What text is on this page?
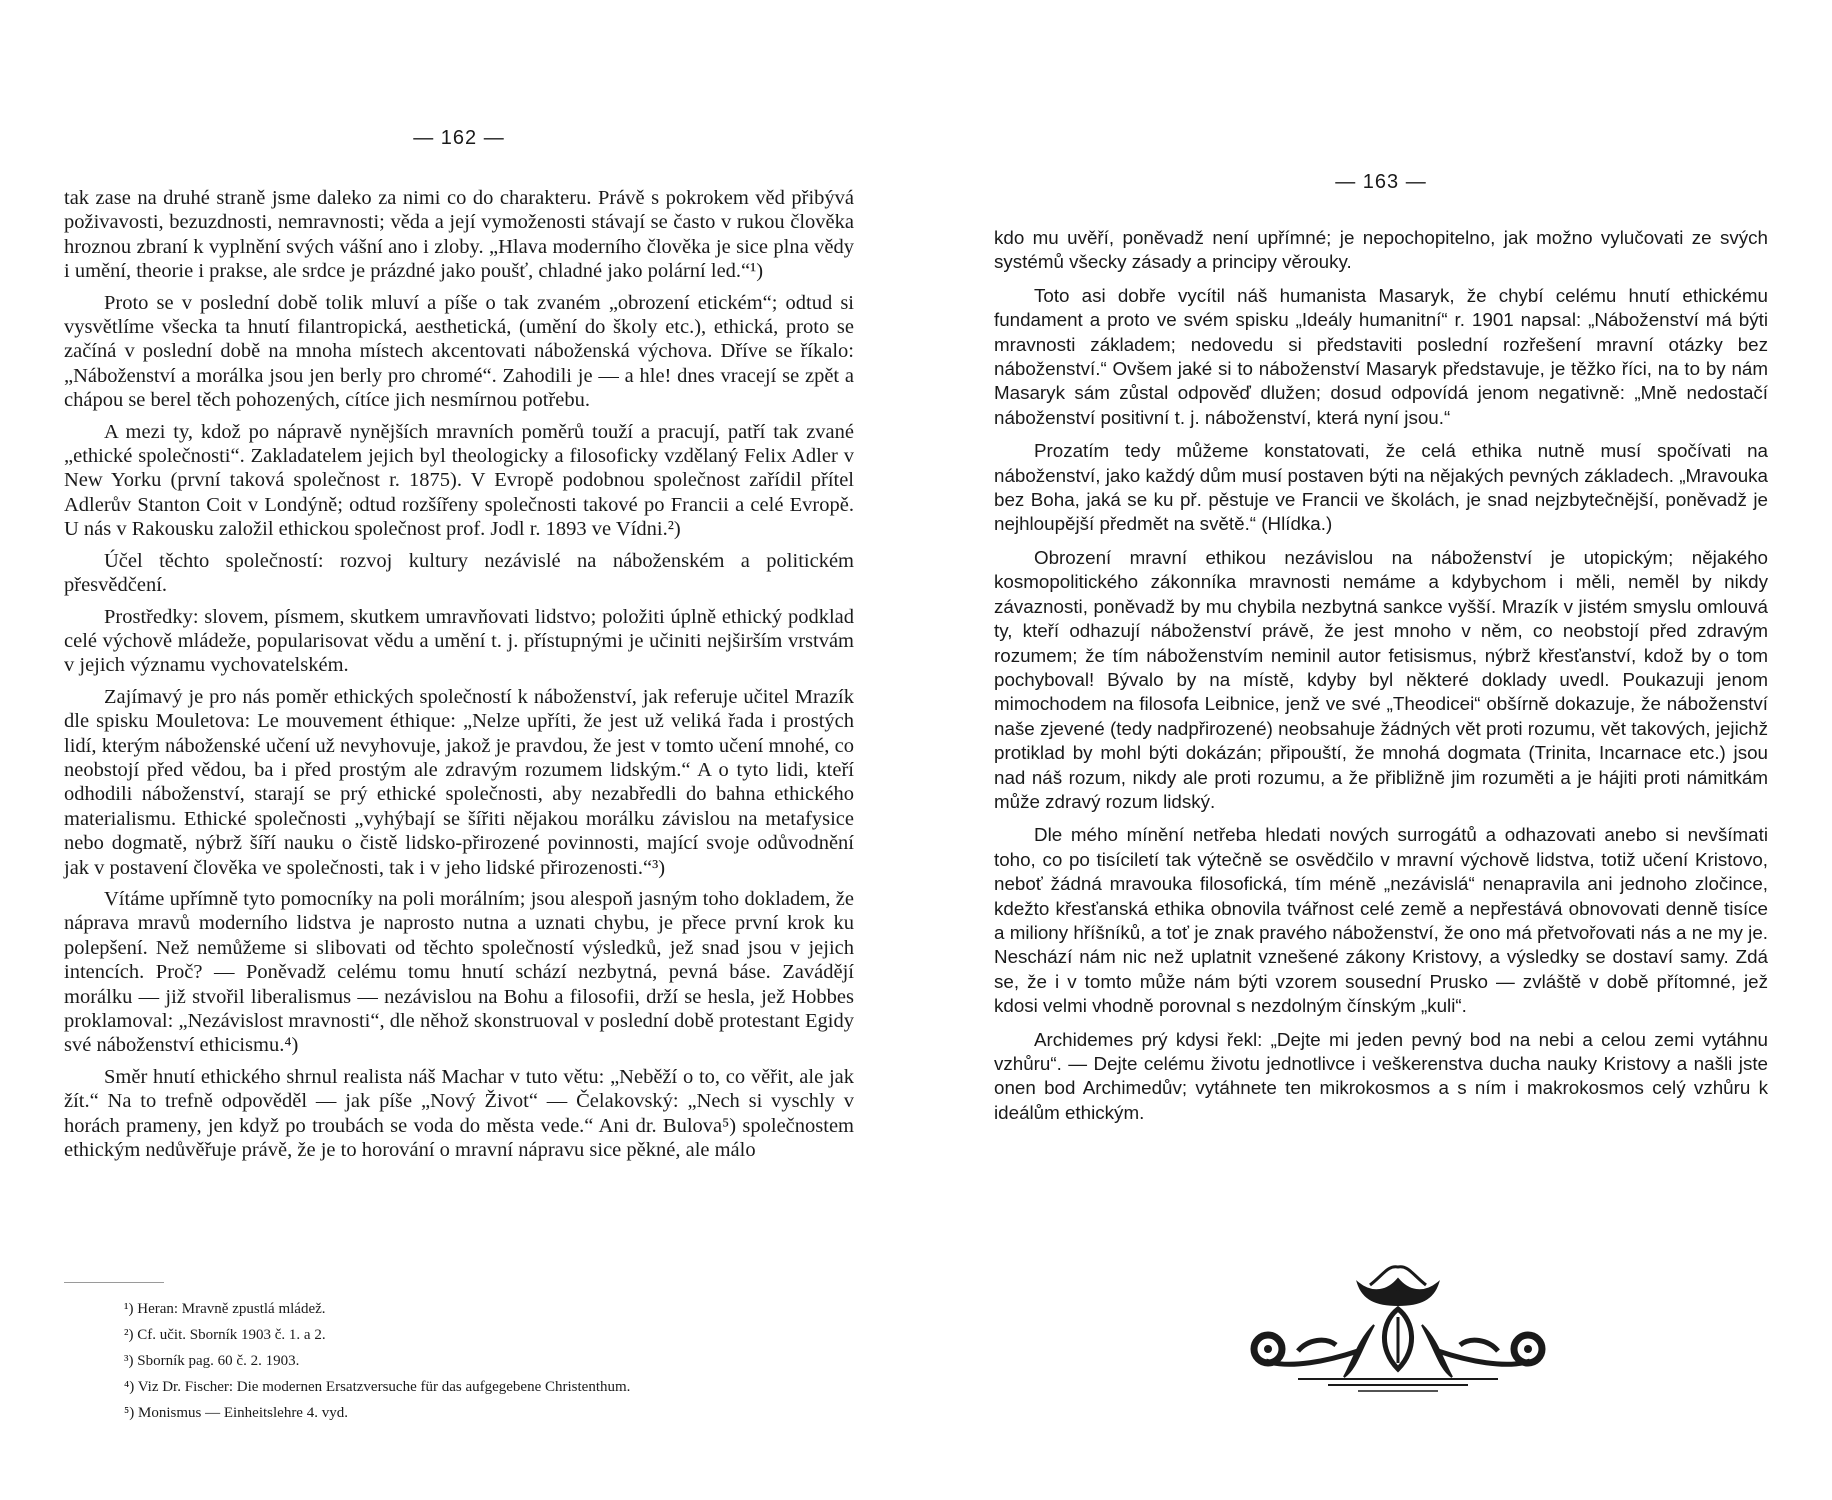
— 162 —

tak zase na druhé straně jsme daleko za nimi co do charakteru. Právě s pokrokem věd přibývá poživavosti, bezuzdnosti, nemravnosti; věda a její vymoženosti stávají se často v rukou člověka hroznou zbraní k vyplnění svých vášní ano i zloby. „Hlava moderního člověka je sice plna vědy i umění, theorie i prakse, ale srdce je prázdné jako poušť, chladné jako polární led.“¹)

Proto se v poslední době tolik mluví a píše o tak zvaném „obrození etickém“; odtud si vysvětlíme všecka ta hnutí filantropická, aesthetická, (umění do školy etc.), ethická, proto se začíná v poslední době na mnoha místech akcentovati náboženská výchova. Dříve se říkalo: „Náboženství a morálka jsou jen berly pro chromé“. Zahodili je — a hle! dnes vracejí se zpět a chápou se berel těch pohozených, cítíce jich nesmírnou potřebu.

A mezi ty, kdož po nápravě nynějších mravních poměrů touží a pracují, patří tak zvané „ethické společnosti“. Zakladatelem jejich byl theologicky a filosoficky vzdělaný Felix Adler v New Yorku (první taková společnost r. 1875). V Evropě podobnou společnost zařídil přítel Adlerův Stanton Coit v Londýně; odtud rozšířeny společnosti takové po Francii a celé Evropě. U nás v Rakousku založil ethickou společnost prof. Jodl r. 1893 ve Vídni.²)

Účel těchto společností: rozvoj kultury nezávislé na náboženském a politickém přesvědčení.

Prostředky: slovem, písmem, skutkem umravňovati lidstvo; položiti úplně ethický podklad celé výchově mládeže, popularisovat vědu a umění t. j. přístupnými je učiniti nejširším vrstvám v jejich významu vychovatelském.

Zajímavý je pro nás poměr ethických společností k náboženství, jak referuje učitel Mrazík dle spisku Mouletova: Le mouvement éthique: „Nelze upříti, že jest už veliká řada i prostých lidí, kterým náboženské učení už nevyhovuje, jakož je pravdou, že jest v tomto učení mnohé, co neobstojí před vědou, ba i před prostým ale zdravým rozumem lidským.“ A o tyto lidi, kteří odhodili náboženství, starají se prý ethické společnosti, aby nezabředli do bahna ethického materialismu. Ethické společnosti „vyhýbají se šířiti nějakou morálku závislou na metafysice nebo dogmatě, nýbrž šíří nauku o čistě lidsko-přirozené povinnosti, mající svoje odůvodnění jak v postavení člověka ve společnosti, tak i v jeho lidské přirozenosti.“³)

Vítáme upřímně tyto pomocníky na poli morálním; jsou alespoň jasným toho dokladem, že náprava mravů moderního lidstva je naprosto nutna a uznati chybu, je přece první krok ku polepšení. Než nemůžeme si slibovati od těchto společností výsledků, jež snad jsou v jejich intencích. Proč? — Poněvadž celému tomu hnutí schází nezbytná, pevná báse. Zavádějí morálku — již stvořil liberalismus — nezávislou na Bohu a filosofii, drží se hesla, jež Hobbes proklamoval: „Nezávislost mravnosti“, dle něhož skonstruoval v poslední době protestant Egidy své náboženství ethicismu.⁴)

Směr hnutí ethického shrnul realista náš Machar v tuto větu: „Neběží o to, co věřit, ale jak žít.“ Na to trefně odpověděl — jak píše „Nový Život“ — Čelakovský: „Nech si vyschly v horách prameny, jen když po troubách se voda do města vede.“ Ani dr. Bulova⁵) společnostem ethickým nedůvěřuje právě, že je to horování o mravní nápravu sice pěkné, ale málo

¹) Heran: Mravně zpustlá mládež.

²) Cf. učit. Sborník 1903 č. 1. a 2.

³) Sborník pag. 60 č. 2. 1903.

⁴) Viz Dr. Fischer: Die modernen Ersatzversuche für das aufgegebene Christenthum.

⁵) Monismus — Einheitslehre 4. vyd.

— 163 —

kdo mu uvěří, poněvadž není upřímné; je nepochopitelno, jak možno vylučovati ze svých systémů všecky zásady a principy věrouky.

Toto asi dobře vycítil náš humanista Masaryk, že chybí celému hnutí ethickému fundament a proto ve svém spisku „Ideály humanitní“ r. 1901 napsal: „Náboženství má býti mravnosti základem; nedovedu si představiti poslední rozřešení mravní otázky bez náboženství.“ Ovšem jaké si to náboženství Masaryk představuje, je těžko říci, na to by nám Masaryk sám zůstal odpověď dlužen; dosud odpovídá jenom negativně: „Mně nedostačí náboženství positivní t. j. náboženství, která nyní jsou.“

Prozatím tedy můžeme konstatovati, že celá ethika nutně musí spočívati na náboženství, jako každý dům musí postaven býti na nějakých pevných základech. „Mravouka bez Boha, jaká se ku př. pěstuje ve Francii ve školách, je snad nejzbytečnější, poněvadž je nejhloupější předmět na světě.“ (Hlídka.)

Obrození mravní ethikou nezávislou na náboženství je utopickým; nějakého kosmopolitického zákonníka mravnosti nemáme a kdybychom i měli, neměl by nikdy závaznosti, poněvadž by mu chybila nezbytná sankce vyšší. Mrazík v jistém smyslu omlouvá ty, kteří odhazují náboženství právě, že jest mnoho v něm, co neobstojí před zdravým rozumem; že tím náboženstvím neminil autor fetisismus, nýbrž křesťanství, kdož by o tom pochyboval! Bývalo by na místě, kdyby byl některé doklady uvedl. Poukazuji jenom mimochodem na filosofa Leibnice, jenž ve své „Theodicei“ obšírně dokazuje, že náboženství naše zjevené (tedy nadpřirozené) neobsahuje žádných vět proti rozumu, vět takových, jejichž protiklad by mohl býti dokázán; připouští, že mnohá dogmata (Trinita, Incarnace etc.) jsou nad náš rozum, nikdy ale proti rozumu, a že přibližně jim rozuměti a je hájiti proti námitkám může zdravý rozum lidský.

Dle mého mínění netřeba hledati nových surrogátů a odhazovati anebo si nevšímati toho, co po tisíciletí tak výtečně se osvědčilo v mravní výchově lidstva, totiž učení Kristovo, neboť žádná mravouka filosofická, tím méně „nezávislá“ nenapravila ani jednoho zločince, kdežto křesťanská ethika obnovila tvářnost celé země a nepřestává obnovovati denně tisíce a miliony hříšníků, a toť je znak pravého náboženství, že ono má přetvořovati nás a ne my je. Neschází nám nic než uplatnit vznešené zákony Kristovy, a výsledky se dostaví samy. Zdá se, že i v tomto může nám býti vzorem sousední Prusko — zvláště v době přítomné, jež kdosi velmi vhodně porovnal s nezdolným čínským „kuli“.

Archidemes prý kdysi řekl: „Dejte mi jeden pevný bod na nebi a celou zemi vytáhnu vzhůru“. — Dejte celému životu jednotlivce i veškerenstva ducha nauky Kristovy a našli jste onen bod Archimedův; vytáhnete ten mikrokosmos a s ním i makrokosmos celý vzhůru k ideálům ethickým.
